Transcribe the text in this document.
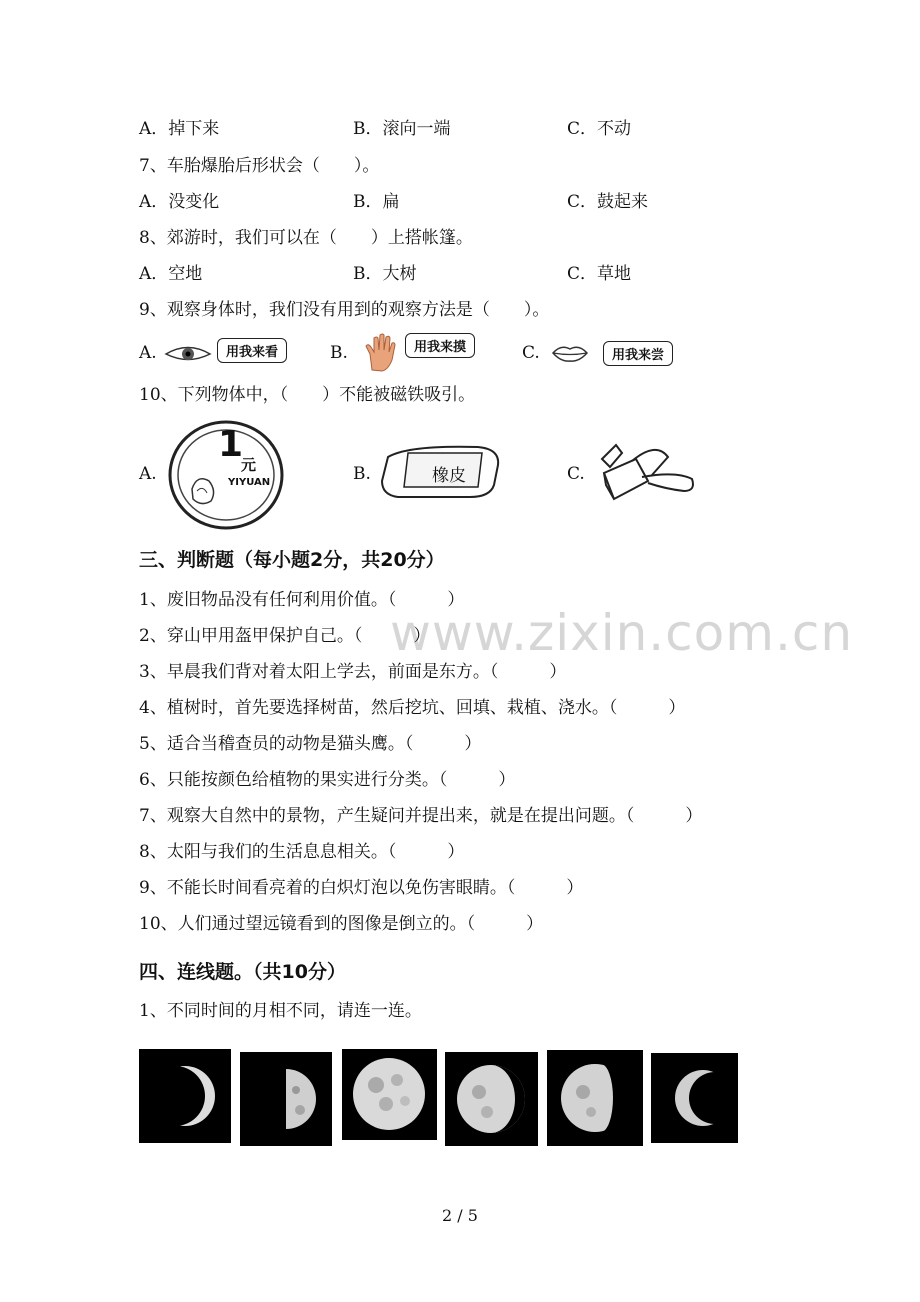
A．掉下来	B．滚向一端	C．不动
7、车胎爆胎后形状会（　　）。
A．没变化	B．扁	C．鼓起来
8、郊游时，我们可以在（　　）上搭帐篷。
A．空地	B．大树	C．草地
9、观察身体时，我们没有用到的观察方法是（　　）。
A.	用我来看	B.	用我来摸	C.	用我来尝
10、下列物体中，（　　）不能被磁铁吸引。
A.
1
元
YIYUAN	B.	橡皮	C.
三、判断题（每小题2分，共20分）
www.zixin.com.cn
1、废旧物品没有任何利用价值。（　　　）
2、穿山甲用盔甲保护自己。（　　　）
3、早晨我们背对着太阳上学去，前面是东方。（　　　）
4、植树时，首先要选择树苗，然后挖坑、回填、栽植、浇水。（　　　）
5、适合当稽查员的动物是猫头鹰。（　　　）
6、只能按颜色给植物的果实进行分类。（　　　）
7、观察大自然中的景物，产生疑问并提出来，就是在提出问题。（　　　）
8、太阳与我们的生活息息相关。（　　　）
9、不能长时间看亮着的白炽灯泡以免伤害眼睛。（　　　）
10、人们通过望远镜看到的图像是倒立的。（　　　）
四、连线题。（共10分）
1、不同时间的月相不同，请连一连。
2 / 5
